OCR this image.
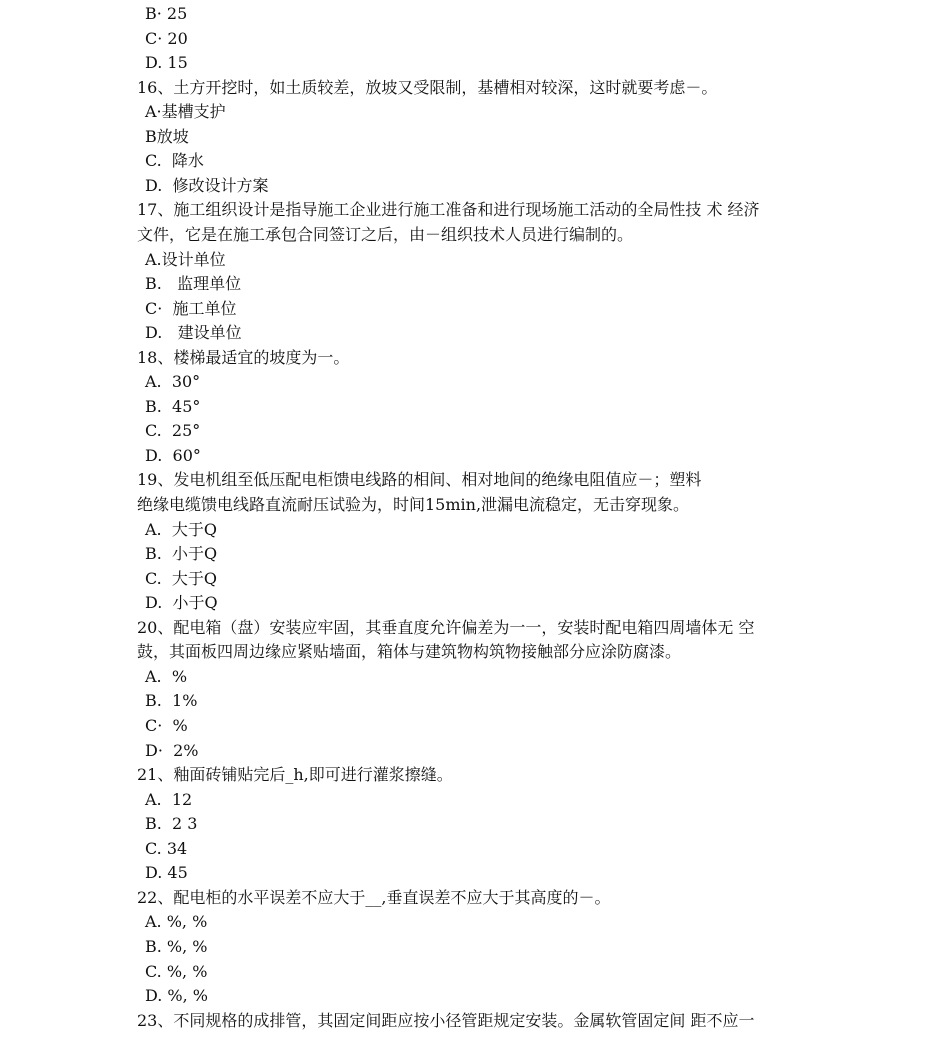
B· 25
C· 20
D. 15
16、土方开挖时，如土质较差，放坡又受限制，基槽相对较深，这时就要考虑－。
A·基槽支护
B放坡
C.  降水
D.  修改设计方案
17、施工组织设计是指导施工企业进行施工准备和进行现场施工活动的全局性技 术 经济
文件，它是在施工承包合同签订之后，由－组织技术人员进行编制的。
A.设计单位
B.   监理单位
C·  施工单位
D.   建设单位
18、楼梯最适宜的坡度为一。
A.  30°
B.  45°
C.  25°
D.  60°
19、发电机组至低压配电柜馈电线路的相间、相对地间的绝缘电阻值应－；塑料
绝缘电缆馈电线路直流耐压试验为，时间15min,泄漏电流稳定，无击穿现象。
A.  大于Q
B.  小于Q
C.  大于Q
D.  小于Q
20、配电箱（盘）安装应牢固，其垂直度允许偏差为一一，安装时配电箱四周墙体无 空
鼓，其面板四周边缘应紧贴墙面，箱体与建筑物构筑物接触部分应涂防腐漆。
A.  %
B.  1%
C·  %
D·  2%
21、釉面砖铺贴完后_h,即可进行灌浆擦缝。
A.  12
B.  2 3
C. 34
D. 45
22、配电柜的水平误差不应大于__,垂直误差不应大于其高度的－。
A. %, %
B. %, %
C. %, %
D. %, %
23、不同规格的成排管，其固定间距应按小径管距规定安装。金属软管固定间 距不应一
